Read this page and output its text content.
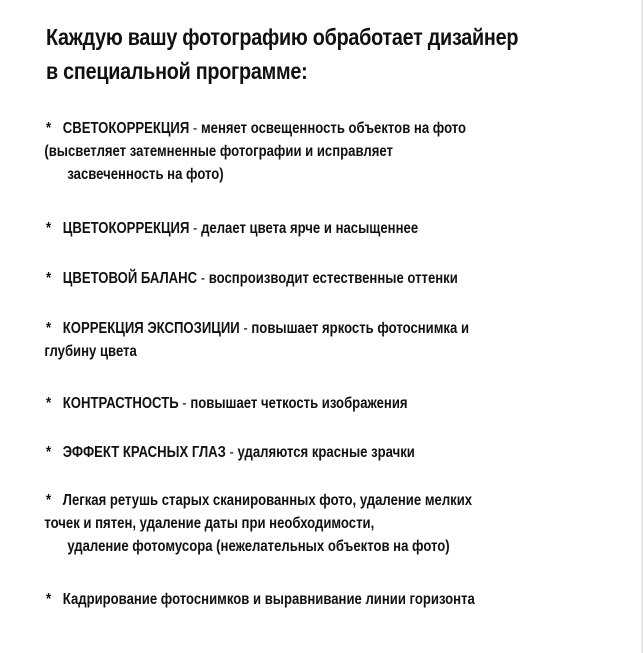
Каждую вашу фотографию обработает дизайнер
в специальной программе:
* СВЕТОКОРРЕКЦИЯ - меняет освещенность объектов на фото
(высветляет затемненные фотографии и исправляет
засвеченность на фото)
* ЦВЕТОКОРРЕКЦИЯ - делает цвета ярче и насыщеннее
* ЦВЕТОВОЙ БАЛАНС - воспроизводит естественные оттенки
* КОРРЕКЦИЯ ЭКСПОЗИЦИИ - повышает яркость фотоснимка и
глубину цвета
* КОНТРАСТНОСТЬ - повышает четкость изображения
* ЭФФЕКТ КРАСНЫХ ГЛАЗ - удаляются красные зрачки
* Легкая ретушь старых сканированных фото, удаление мелких
точек и пятен, удаление даты при необходимости,
удаление фотомусора (нежелательных объектов на фото)
* Кадрирование фотоснимков и выравнивание линии горизонта
